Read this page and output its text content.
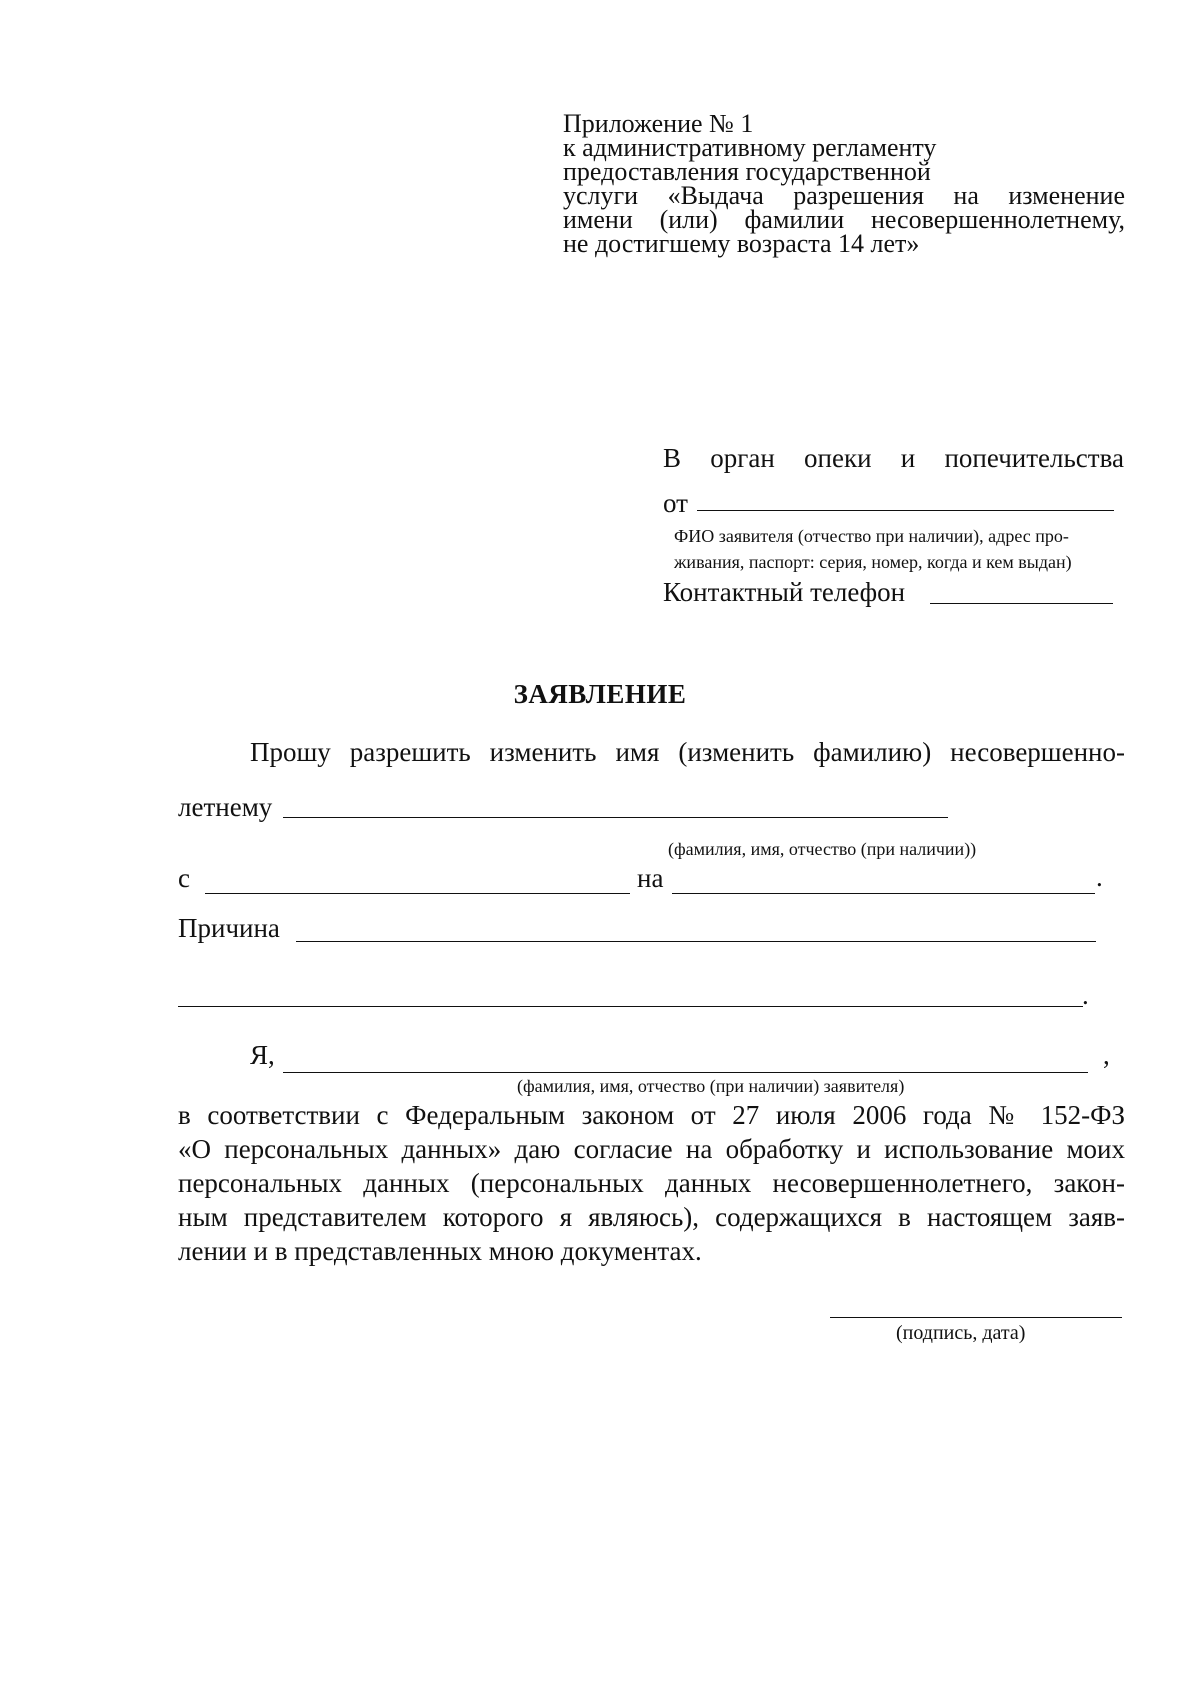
Приложение № 1
к административному регламенту
предоставления государственной
услуги «Выдача разрешения на изменение
имени (или) фамилии несовершеннолетнему,
не достигшему возраста 14 лет»
В орган опеки и попечительства
от
ФИО заявителя (отчество при наличии), адрес про-
живания, паспорт: серия, номер, когда и кем выдан)
Контактный телефон
ЗАЯВЛЕНИЕ
Прошу разрешить изменить имя (изменить фамилию) несовершенно-
летнему
(фамилия, имя, отчество (при наличии))
с	на	.
Причина
.
Я,	,
(фамилия, имя, отчество (при наличии) заявителя)
в соответствии с Федеральным законом от 27 июля 2006 года № 152-ФЗ
«О персональных данных» даю согласие на обработку и использование моих
персональных данных (персональных данных несовершеннолетнего, закон-
ным представителем которого я являюсь), содержащихся в настоящем заяв-
лении и в представленных мною документах.
(подпись, дата)
